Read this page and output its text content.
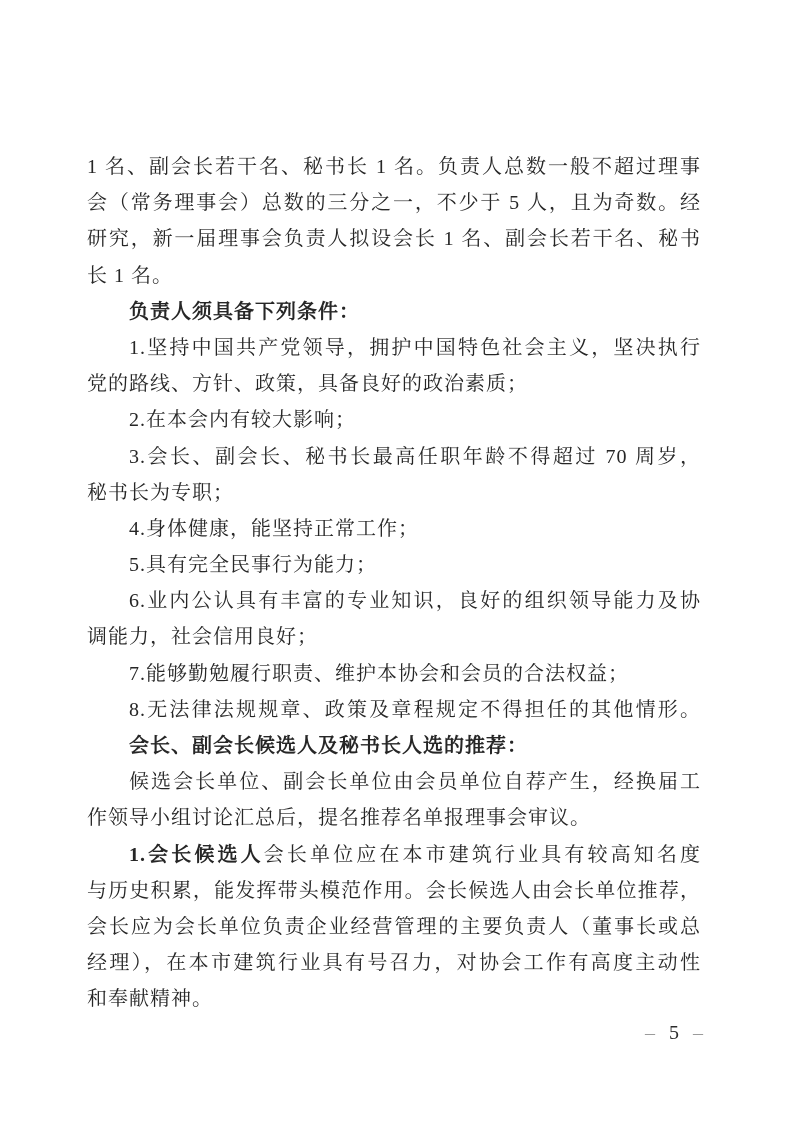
1 名、副会长若干名、秘书长 1 名。负责人总数一般不超过理事
会（常务理事会）总数的三分之一，不少于 5 人，且为奇数。经
研究，新一届理事会负责人拟设会长 1 名、副会长若干名、秘书
长 1 名。
负责人须具备下列条件：
1.坚持中国共产党领导，拥护中国特色社会主义，坚决执行
党的路线、方针、政策，具备良好的政治素质；
2.在本会内有较大影响；
3.会长、副会长、秘书长最高任职年龄不得超过 70 周岁，
秘书长为专职；
4.身体健康，能坚持正常工作；
5.具有完全民事行为能力；
6.业内公认具有丰富的专业知识，良好的组织领导能力及协
调能力，社会信用良好；
7.能够勤勉履行职责、维护本协会和会员的合法权益；
8.无法律法规规章、政策及章程规定不得担任的其他情形。
会长、副会长候选人及秘书长人选的推荐：
候选会长单位、副会长单位由会员单位自荐产生，经换届工
作领导小组讨论汇总后，提名推荐名单报理事会审议。
1.会长候选人会长单位应在本市建筑行业具有较高知名度
与历史积累，能发挥带头模范作用。会长候选人由会长单位推荐，
会长应为会长单位负责企业经营管理的主要负责人（董事长或总
经理），在本市建筑行业具有号召力，对协会工作有高度主动性
和奉献精神。
– 5 –
